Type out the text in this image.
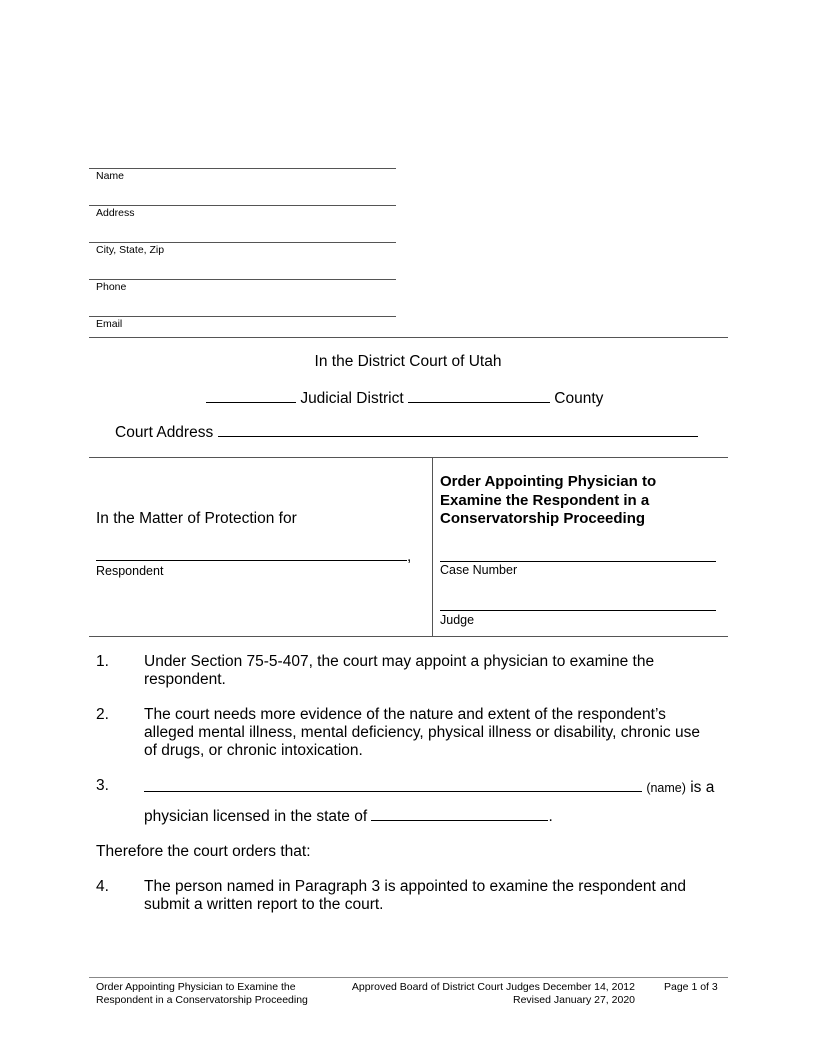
Name
Address
City, State, Zip
Phone
Email
In the District Court of Utah
Judicial District	County
Court Address
In the Matter of Protection for
,
Respondent
Order Appointing Physician to Examine the Respondent in a Conservatorship Proceeding
Case Number
Judge
1. Under Section 75-5-407, the court may appoint a physician to examine the respondent.
2. The court needs more evidence of the nature and extent of the respondent’s alleged mental illness, mental deficiency, physical illness or disability, chronic use of drugs, or chronic intoxication.
3.	(name) is a
physician licensed in the state of	.
Therefore the court orders that:
4. The person named in Paragraph 3 is appointed to examine the respondent and submit a written report to the court.
Order Appointing Physician to Examine the
Respondent in a Conservatorship Proceeding
Approved Board of District Court Judges December 14, 2012
Revised January 27, 2020
Page 1 of 3
